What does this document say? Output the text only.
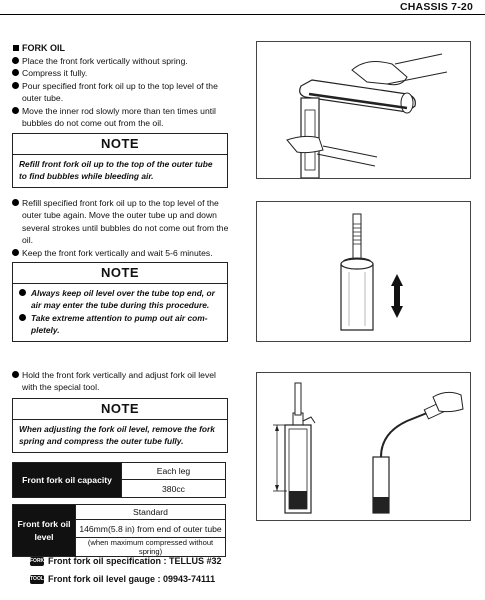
CHASSIS 7-20
FORK OIL
Place the front fork vertically without spring.
Compress it fully.
Pour specified front fork oil up to the top level of the outer tube.
Move the inner rod slowly more than ten times until bubbles do not come out from the oil.
NOTE
Refill front fork oil up to the top of the outer tube to find bubbles while bleeding air.
Refill specified front fork oil up to the top level of the outer tube again. Move the outer tube up and down several strokes until bubbles do not come out from the oil.
Keep the front fork vertically and wait 5-6 minutes.
NOTE
Always keep oil level over the tube top end, or air may enter the tube during this procedure.
Take extreme attention to pump out air com-pletely.
Hold the front fork vertically and adjust fork oil level with the special tool.
NOTE
When adjusting the fork oil level, remove the fork spring and compress the outer tube fully.
Front fork oil capacity	Each leg
380cc
Front fork oil level	Standard
146mm(5.8 in) from end of outer tube
(when maximum compressed without spring)
FORK Front fork oil specification : TELLUS #32
TOOL Front fork oil level gauge : 09943-74111
